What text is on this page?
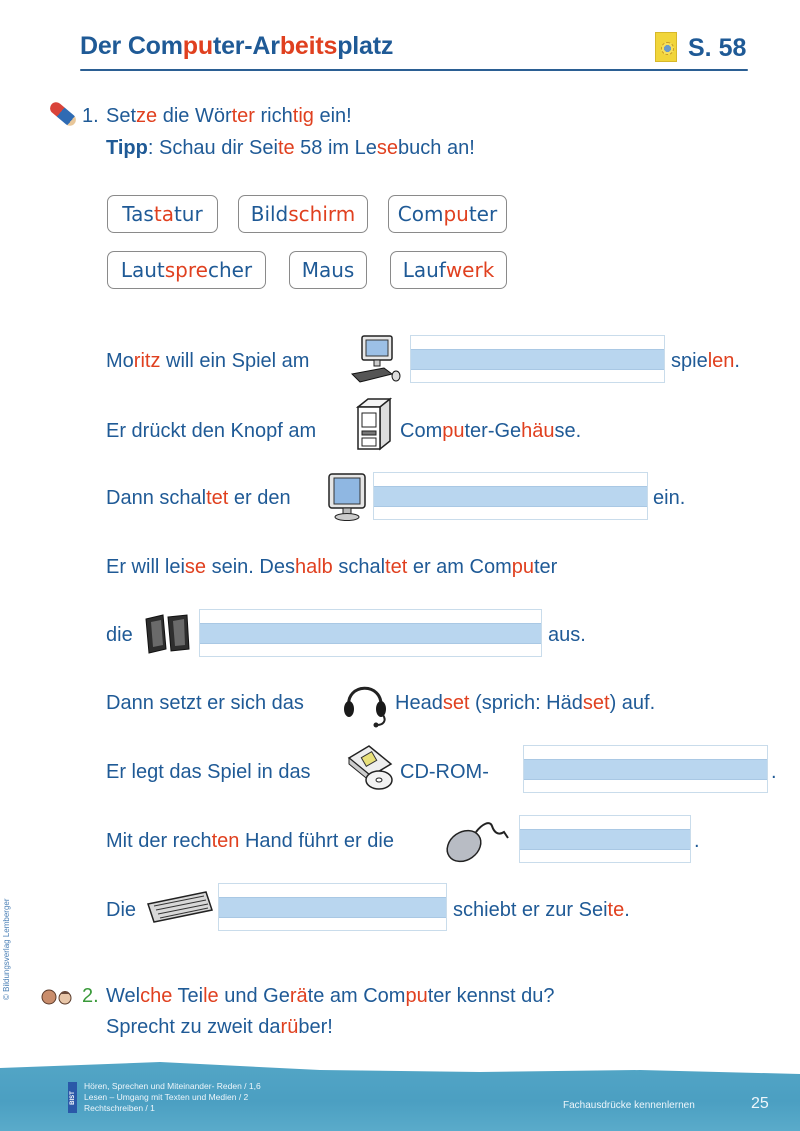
Der Computer-Arbeitsplatz	S. 58
1. Setze die Wörter richtig ein!
Tipp: Schau dir Seite 58 im Lesebuch an!
Tas ta tur Bild schirm Com pu ter
Laut spre cher Maus Lauf werk
Moritz will ein Spiel am	spielen.
Er drückt den Knopf am	Computer-Gehäuse.
Dann schaltet er den	ein.
Er will leise sein. Deshalb schaltet er am Computer
die	aus.
Dann setzt er sich das	Headset (sprich: Hädset) auf.
Er legt das Spiel in das	CD-ROM-	.
Mit der rechten Hand führt er die	.
Die	schiebt er zur Seite.
2. Welche Teile und Geräte am Computer kennst du?
Sprecht zu zweit darüber!
© Bildungsverlag Lemberger
BIST
Hören, Sprechen und Miteinander- Reden / 1,6
Lesen – Umgang mit Texten und Medien / 2
Rechtschreiben / 1	Fachausdrücke kennenlernen	25
